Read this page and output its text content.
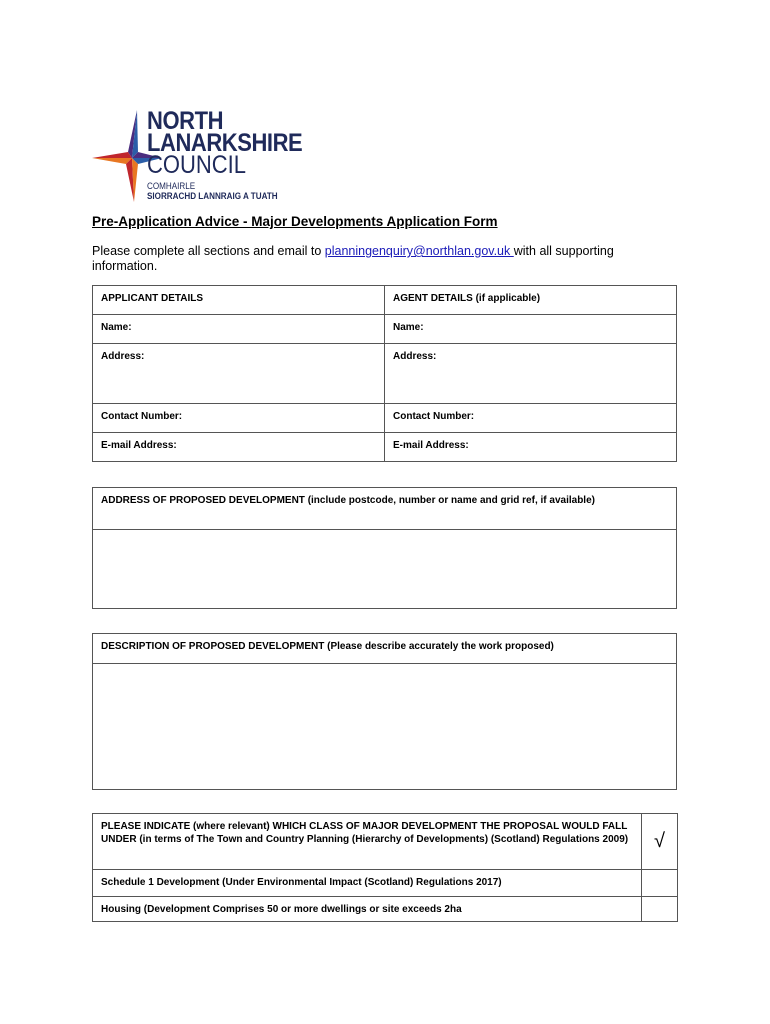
NORTH
LANARKSHIRE
COUNCIL
COMHAIRLE
SIORRACHD LANNRAIG A TUATH
Pre-Application Advice - Major Developments Application Form
Please complete all sections and email to planningenquiry@northlan.gov.uk with all supporting information.
APPLICANT DETAILS	AGENT DETAILS (if applicable)
Name:	Name:
Address:	Address:
Contact Number:	Contact Number:
E-mail Address:	E-mail Address:
ADDRESS OF PROPOSED DEVELOPMENT (include postcode, number or name and grid ref, if available)

DESCRIPTION OF PROPOSED DEVELOPMENT (Please describe accurately the work proposed)

PLEASE INDICATE (where relevant) WHICH CLASS OF MAJOR DEVELOPMENT THE PROPOSAL WOULD FALL UNDER (in terms of The Town and Country Planning (Hierarchy of Developments) (Scotland) Regulations 2009)	√
Schedule 1 Development (Under Environmental Impact (Scotland) Regulations 2017)	
Housing (Development Comprises 50 or more dwellings or site exceeds 2ha	
